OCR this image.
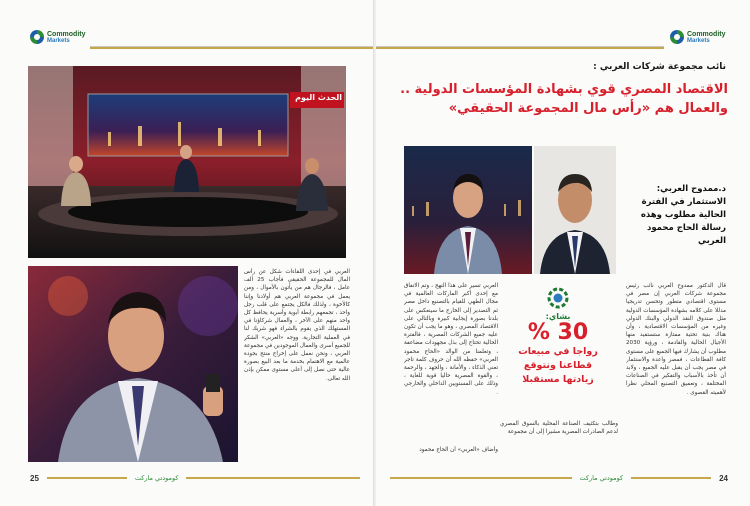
Commodity
Markets
الحدث اليوم
العربي في إحدى اللقاءات شكل عن رأس المال للمجموعة الحقيقي فأجاب 25 ألف عامل ، فالرجال هم من يأتون بالأموال ، ومن يعمل في مجموعة العربي هم أولادنا وإننا كالأخوة ، ولذلك فالكل يجتمع على قلب رجل واحد ، تجمعهم رابطة أبوية وأسرية يحافظ كل واحد منهم على الآخر ، والعمال شركاؤنا في المستهلك الذي يقوم بالشراء فهو شريك لنا في العملية التجارية. ووجه «العربي» الشكر للجميع أسرى والعمال الموجودين في مجموعة العربي ، ونحن نعمل على إخراج منتج بجودة عالمية مع الاهتمام بخدمة ما بعد البيع بصورة عالية حتى نصل إلى أعلى مستوى ممكن بإذن الله تعالى.
25	كومودتي ماركت
Commodity
Markets
نائب مجموعة شركات العربي :
الاقتصاد المصري قوي بشهادة المؤسسات الدولية ..
والعمال هم «رأس مال المجموعة الحقيقي»
د.ممدوح العربي: الاستثمار في الفترة الحالية مطلوب وهذه رسالة الحاج محمود العربي
قال الدكتور ممدوح العربي نائب رئيس مجموعة شركات العربي إن مصر في مستوى اقتصادي متطور وتحسن تدريجيا مدللا على كلامه بشهادة المؤسسات الدولية مثل صندوق النقد الدولي والبنك الدولي وغيره من المؤسسات الاقتصادية ، وأن هناك بنية تحتية ممتازة ستستفيد منها الأجيال الحالية والقادمة ، ورؤية 2030 مطلوب أن يشارك فيها الجميع على مستوى كافة القطاعات ، فمصر واعدة والاستثمار في مصر يجب أن يقبل عليه الجميع ، ولابد أن تأخذ بالأسباب والتفكير في الصناعات المختلفة ، وتعميق التصنيع المحلي نظرا لأهميته القصوى .
العربي تسير على هذا النهج ، وتم الاتفاق مع إحدى أكبر الماركات العالمية في مجال الطهي للقيام بالتصنيع داخل مصر ثم التصدير إلى الخارج ما سينعكس على بلدنا بصورة إيجابية كبيرة وبالتالي على الاقتصاد المصري ، وهو ما يجب أن تكون عليه جميع الشركات المصرية ، فالفترة الحالية تحتاج إلى بذل مجهودات مضاعفة ، وتعلمنا من الوالد «الحاج محمود العربي» حفظه الله أن حروف كلمة تاجر تعني الذكاء ، والأمانة ، والجهد ، والرحمة ، والقوة المصرية حاليا قوية للغاية ، وذلك على المستويين الداخلي والخارجي .
وطالب بتكثيف الصناعة المحلية بالسوق المصري لدعم الصادرات المصرية مشيرا إلى أن مجموعة
وأضاف «العربي» أن الحاج محمود
بشاي:
30 %
رواجا في مبيعات
قطاعنا ونتوقع
زيادتها مستقبلا
كومودتي ماركت	24
